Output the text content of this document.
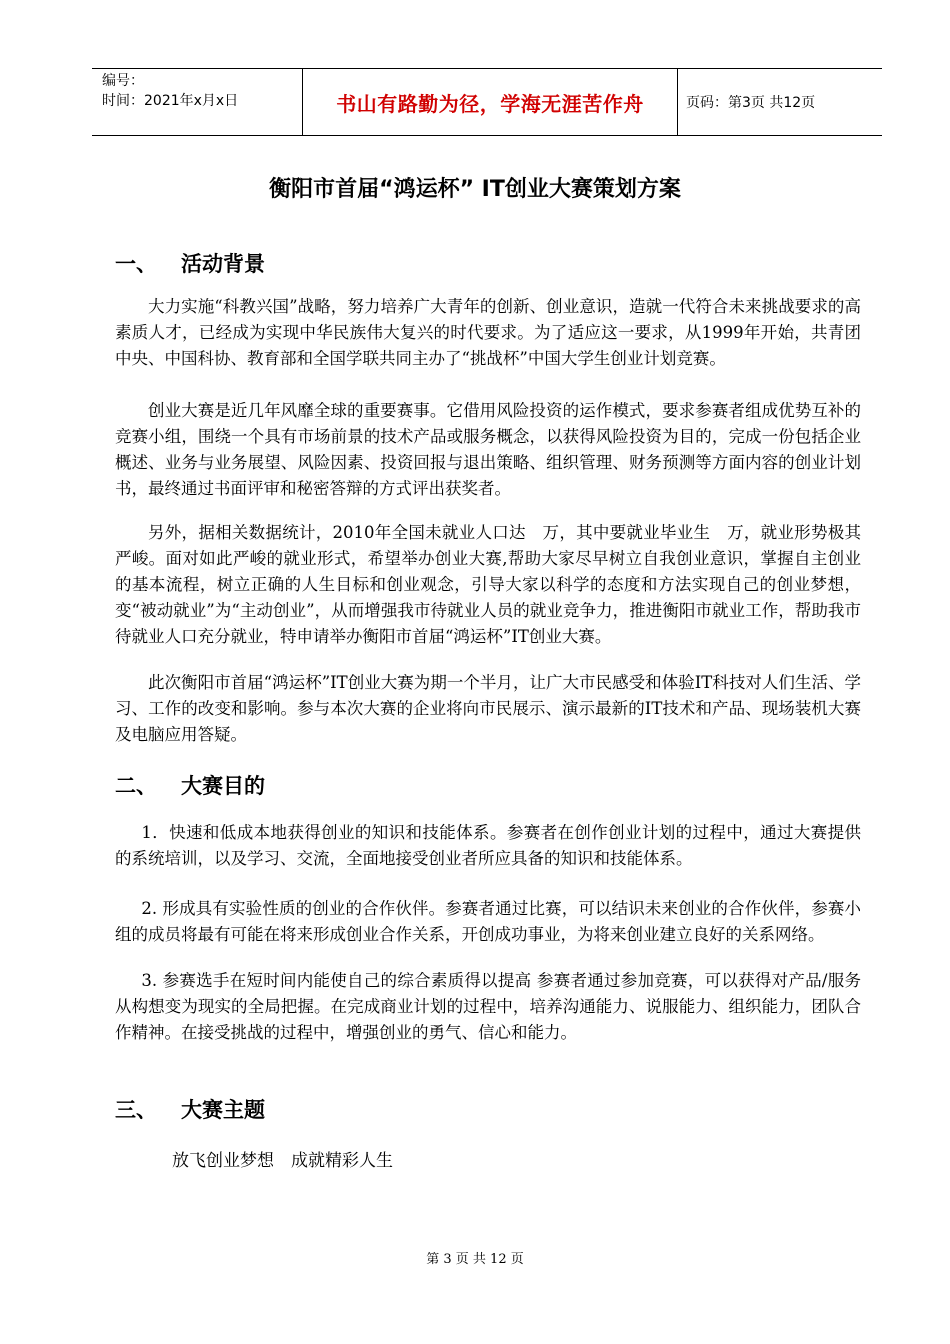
编号：
时间：2021年x月x日	书山有路勤为径，学海无涯苦作舟	页码：第3页 共12页
衡阳市首届“鸿运杯” IT创业大赛策划方案
一、 活动背景

大力实施“科教兴国”战略，努力培养广大青年的创新、创业意识，造就一代符合未来挑战要求的高素质人才，已经成为实现中华民族伟大复兴的时代要求。为了适应这一要求，从1999年开始，共青团中央、中国科协、教育部和全国学联共同主办了“挑战杯”中国大学生创业计划竞赛。

创业大赛是近几年风靡全球的重要赛事。它借用风险投资的运作模式，要求参赛者组成优势互补的竞赛小组，围绕一个具有市场前景的技术产品或服务概念，以获得风险投资为目的，完成一份包括企业概述、业务与业务展望、风险因素、投资回报与退出策略、组织管理、财务预测等方面内容的创业计划书，最终通过书面评审和秘密答辩的方式评出获奖者。

另外，据相关数据统计，2010年全国未就业人口达　万，其中要就业毕业生　万，就业形势极其严峻。面对如此严峻的就业形式，希望举办创业大赛,帮助大家尽早树立自我创业意识，掌握自主创业的基本流程，树立正确的人生目标和创业观念，引导大家以科学的态度和方法实现自己的创业梦想，变“被动就业”为“主动创业”，从而增强我市待就业人员的就业竞争力，推进衡阳市就业工作，帮助我市待就业人口充分就业，特申请举办衡阳市首届“鸿运杯”IT创业大赛。

此次衡阳市首届“鸿运杯”IT创业大赛为期一个半月，让广大市民感受和体验IT科技对人们生活、学习、工作的改变和影响。参与本次大赛的企业将向市民展示、演示最新的IT技术和产品、现场装机大赛及电脑应用答疑。

二、 大赛目的

1．快速和低成本地获得创业的知识和技能体系。参赛者在创作创业计划的过程中，通过大赛提供的系统培训，以及学习、交流，全面地接受创业者所应具备的知识和技能体系。

2. 形成具有实验性质的创业的合作伙伴。参赛者通过比赛，可以结识未来创业的合作伙伴，参赛小组的成员将最有可能在将来形成创业合作关系，开创成功事业，为将来创业建立良好的关系网络。

3. 参赛选手在短时间内能使自己的综合素质得以提高 参赛者通过参加竞赛，可以获得对产品/服务从构想变为现实的全局把握。在完成商业计划的过程中，培养沟通能力、说服能力、组织能力，团队合作精神。在接受挑战的过程中，增强创业的勇气、信心和能力。

三、 大赛主题
放飞创业梦想　成就精彩人生
第 3 页 共 12 页
